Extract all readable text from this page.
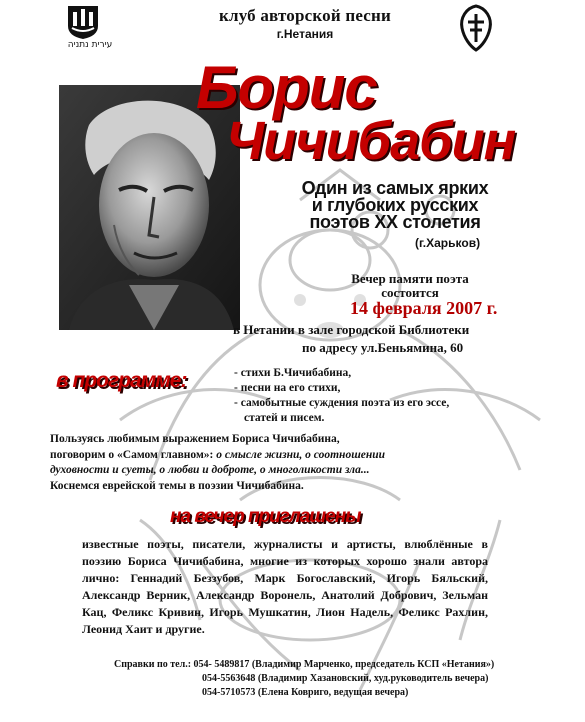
עירית נתניה
клуб авторской песни
г.Нетания
Борис
Чичибабин
Один из самых ярких
и глубоких русских
поэтов XX столетия
(г.Харьков)
Вечер памяти поэта
состоится
14 февраля 2007 г.
в Нетании в зале городской Библиотеки
по адресу ул.Беньямина, 60
в программе:	- стихи Б.Чичибабина,
- песни на его стихи,
- самобытные суждения поэта из его эссе,
статей и писем.
Пользуясь любимым выражением Бориса Чичибабина,
поговорим о «Самом главном»: о смысле жизни, о соотношении
духовности и суеты, о любви и доброте, о многоликости зла...
Коснемся еврейской темы в поэзии Чичибабина.
на вечер приглашены
известные поэты, писатели, журналисты и артисты, влюблённые в поэзию Бориса Чичибабина, многие из которых хорошо знали автора лично: Геннадий Беззубов, Марк Богославский, Игорь Бяльский, Александр Верник, Александр Воронель, Анатолий Добрович, Зельман Кац, Феликс Кривин, Игорь Мушкатин, Лион Надель, Феликс Рахлин, Леонид Хаит и другие.
Справки по тел.: 054- 5489817 (Владимир Марченко, председатель КСП «Нетания»)
054-5563648 (Владимир Хазановский, худ.руководитель вечера)
054-5710573 (Елена Ковриго, ведущая вечера)
